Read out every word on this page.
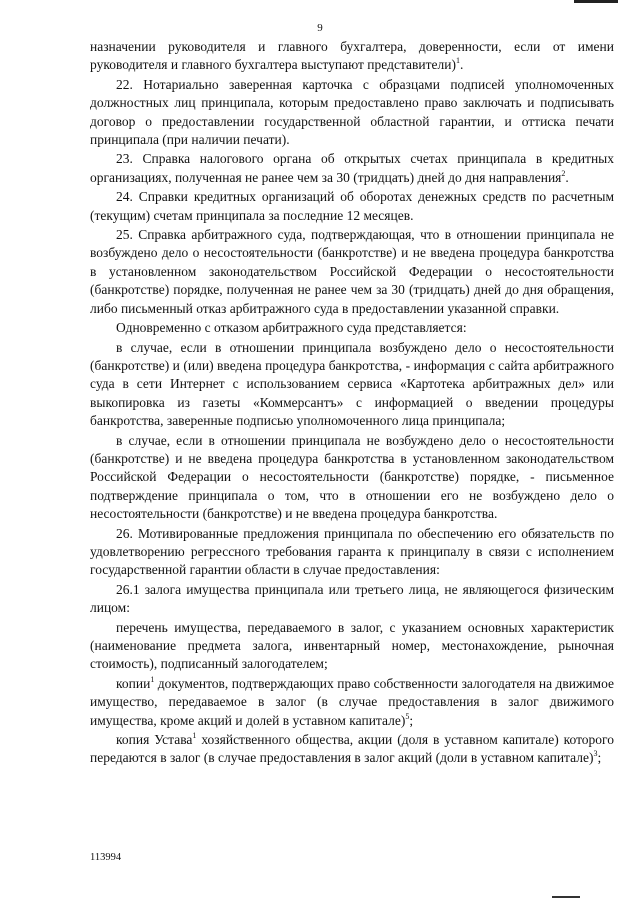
9

назначении руководителя и главного бухгалтера, доверенности, если от имени руководителя и главного бухгалтера выступают представители)$^1$.

22. Нотариально заверенная карточка с образцами подписей уполномоченных должностных лиц принципала, которым предоставлено право заключать и подписывать договор о предоставлении государственной областной гарантии, и оттиска печати принципала (при наличии печати).

23. Справка налогового органа об открытых счетах принципала в кредитных организациях, полученная не ранее чем за 30 (тридцать) дней до дня направления$^2$.

24. Справки кредитных организаций об оборотах денежных средств по расчетным (текущим) счетам принципала за последние 12 месяцев.

25. Справка арбитражного суда, подтверждающая, что в отношении принципала не возбуждено дело о несостоятельности (банкротстве) и не введена процедура банкротства в установленном законодательством Российской Федерации о несостоятельности (банкротстве) порядке, полученная не ранее чем за 30 (тридцать) дней до дня обращения, либо письменный отказ арбитражного суда в предоставлении указанной справки.

Одновременно с отказом арбитражного суда представляется:

в случае, если в отношении принципала возбуждено дело о несостоятельности (банкротстве) и (или) введена процедура банкротства, - информация с сайта арбитражного суда в сети Интернет с использованием сервиса «Картотека арбитражных дел» или выкопировка из газеты «Коммерсантъ» с информацией о введении процедуры банкротства, заверенные подписью уполномоченного лица принципала;

в случае, если в отношении принципала не возбуждено дело о несостоятельности (банкротстве) и не введена процедура банкротства в установленном законодательством Российской Федерации о несостоятельности (банкротстве) порядке, - письменное подтверждение принципала о том, что в отношении его не возбуждено дело о несостоятельности (банкротстве) и не введена процедура банкротства.

26. Мотивированные предложения принципала по обеспечению его обязательств по удовлетворению регрессного требования гаранта к принципалу в связи с исполнением государственной гарантии области в случае предоставления:

26.1 залога имущества принципала или третьего лица, не являющегося физическим лицом:

перечень имущества, передаваемого в залог, с указанием основных характеристик (наименование предмета залога, инвентарный номер, местонахождение, рыночная стоимость), подписанный залогодателем;

копии$^1$ документов, подтверждающих право собственности залогодателя на движимое имущество, передаваемое в залог (в случае предоставления в залог движимого имущества, кроме акций и долей в уставном капитале)$^5$;

копия Устава$^1$ хозяйственного общества, акции (доля в уставном капитале) которого передаются в залог (в случае предоставления в залог акций (доли в уставном капитале)$^3$;

113994
